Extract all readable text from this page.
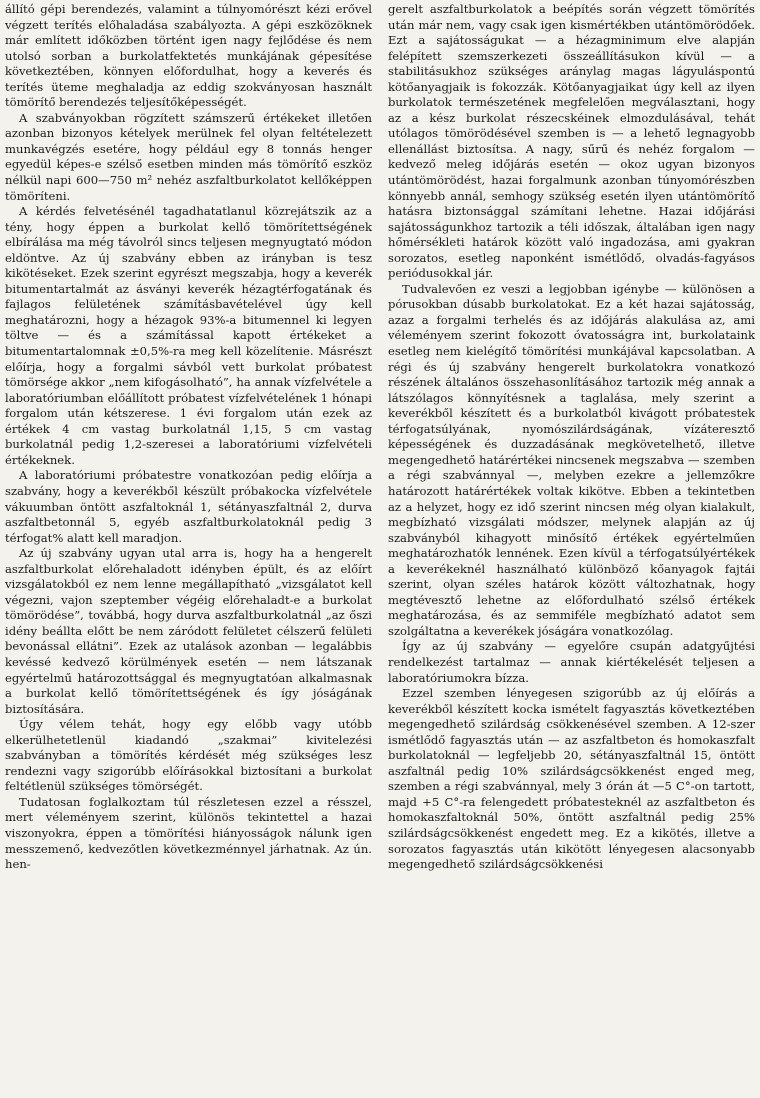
állító gépi berendezés, valamint a túlnyomórészt kézi erővel végzett terítés előhaladása szabályozta. A gépi eszközöknek már említett időközben történt igen nagy fejlődése és nem utolsó sorban a burkolatfektetés munkájának gépesítése következtében, könnyen előfordulhat, hogy a keverés és terítés üteme meghaladja az eddig szokványosan használt tömörítő berendezés teljesítőképességét.

A szabványokban rögzített számszerű értékeket illetően azonban bizonyos kételyek merülnek fel olyan feltételezett munkavégzés esetére, hogy például egy 8 tonnás henger egyedül képes-e szélső esetben minden más tömörítő eszköz nélkül napi 600—750 m² nehéz aszfaltburkolatot kellőképpen tömöríteni.

A kérdés felvetésénél tagadhatatlanul közrejátszik az a tény, hogy éppen a burkolat kellő tömörítettségének elbírálása ma még távolról sincs teljesen megnyugtató módon eldöntve. Az új szabvány ebben az irányban is tesz kikötéseket. Ezek szerint egyrészt megszabja, hogy a keverék bitumentartalmát az ásványi keverék hézagtérfogatának és fajlagos felületének számításbavételével úgy kell meghatározni, hogy a hézagok 93%-a bitumennel ki legyen töltve — és a számítással kapott értékeket a bitumentartalomnak ±0,5%-ra meg kell közelítenie. Másrészt előírja, hogy a forgalmi sávból vett burkolat próbatest tömörsége akkor „nem kifogásolható”, ha annak vízfelvétele a laboratóriumban előállított próbatest vízfelvételének 1 hónapi forgalom után kétszerese. 1 évi forgalom után ezek az értékek 4 cm vastag burkolatnál 1,15, 5 cm vastag burkolatnál pedig 1,2-szeresei a laboratóriumi vízfelvételi értékeknek.

A laboratóriumi próbatestre vonatkozóan pedig előírja a szabvány, hogy a keverékből készült próbakocka vízfelvétele vákuumban öntött aszfaltoknál 1, sétányaszfaltnál 2, durva aszfaltbetonnál 5, egyéb aszfaltburkolatoknál pedig 3 térfogat% alatt kell maradjon.

Az új szabvány ugyan utal arra is, hogy ha a hengerelt aszfaltburkolat előrehaladott idényben épült, és az előírt vizsgálatokból ez nem lenne megállapítható „vizsgálatot kell végezni, vajon szeptember végéig előrehaladt-e a burkolat tömörödése”, továbbá, hogy durva aszfaltburkolatnál „az őszi idény beállta előtt be nem záródott felületet célszerű felületi bevonással ellátni”. Ezek az utalások azonban — legalábbis kevéssé kedvező körülmények esetén — nem látszanak egyértelmű határozottsággal és megnyugtatóan alkalmasnak a burkolat kellő tömörítettségének és így jóságának biztosítására.

Úgy vélem tehát, hogy egy előbb vagy utóbb elkerülhetetlenül kiadandó „szakmai” kivitelezési szabványban a tömörítés kérdését még szükséges lesz rendezni vagy szigorúbb előírásokkal biztosítani a burkolat feltétlenül szükséges tömörségét.

Tudatosan foglalkoztam túl részletesen ezzel a résszel, mert véleményem szerint, különös tekintettel a hazai viszonyokra, éppen a tömörítési hiányosságok nálunk igen messzemenő, kedvezőtlen következménnyel járhatnak. Az ún. hen-

gerelt aszfaltburkolatok a beépítés során végzett tömörítés után már nem, vagy csak igen kismértékben utántömörödőek. Ezt a sajátosságukat — a hézagminimum elve alapján felépített szemszerkezeti összeállításukon kívül — a stabilitásukhoz szükséges aránylag magas lágyuláspontú kötőanyagjaik is fokozzák. Kötőanyagjaikat úgy kell az ilyen burkolatok természetének megfelelően megválasztani, hogy az a kész burkolat részecskéinek elmozdulásával, tehát utólagos tömörödésével szemben is — a lehető legnagyobb ellenállást biztosítsa. A nagy, sűrű és nehéz forgalom — kedvező meleg időjárás esetén — okoz ugyan bizonyos utántömörödést, hazai forgalmunk azonban túnyomórészben könnyebb annál, semhogy szükség esetén ilyen utántömörítő hatásra biztonsággal számítani lehetne. Hazai időjárási sajátosságunkhoz tartozik a téli időszak, általában igen nagy hőmérsékleti határok között való ingadozása, ami gyakran sorozatos, esetleg naponként ismétlődő, olvadás-fagyásos periódusokkal jár.

Tudvalevően ez veszi a legjobban igénybe — különösen a pórusokban dúsabb burkolatokat. Ez a két hazai sajátosság, azaz a forgalmi terhelés és az időjárás alakulása az, ami véleményem szerint fokozott óvatosságra int, burkolataink esetleg nem kielégítő tömörítési munkájával kapcsolatban. A régi és új szabvány hengerelt burkolatokra vonatkozó részének általános összehasonlításához tartozik még annak a látszólagos könnyítésnek a taglalása, mely szerint a keverékből készített és a burkolatból kivágott próbatestek térfogatsúlyának, nyomószilárdságának, vízáteresztő képességének és duzzadásának megkövetelhető, illetve megengedhető határértékei nincsenek megszabva — szemben a régi szabvánnyal —, melyben ezekre a jellemzőkre határozott határértékek voltak kikötve. Ebben a tekintetben az a helyzet, hogy ez idő szerint nincsen még olyan kialakult, megbízható vizsgálati módszer, melynek alapján az új szabványból kihagyott minősítő értékek egyértelműen meghatározhatók lennének. Ezen kívül a térfogatsúlyértékek a keverékeknél használható különböző kőanyagok fajtái szerint, olyan széles határok között változhatnak, hogy megtévesztő lehetne az előfordulható szélső értékek meghatározása, és az semmiféle megbízható adatot sem szolgáltatna a keverékek jóságára vonatkozólag.

Így az új szabvány — egyelőre csupán adatgyűjtési rendelkezést tartalmaz — annak kiértékelését teljesen a laboratóriumokra bízza.

Ezzel szemben lényegesen szigorúbb az új előírás a keverékből készített kocka ismételt fagyasztás következtében megengedhető szilárdság csökkenésével szemben. A 12-szer ismétlődő fagyasztás után — az aszfaltbeton és homokaszfalt burkolatoknál — legfeljebb 20, sétányaszfaltnál 15, öntött aszfaltnál pedig 10% szilárdságcsökkenést enged meg, szemben a régi szabvánnyal, mely 3 órán át —5 C°-on tartott, majd +5 C°-ra felengedett próbatesteknél az aszfaltbeton és homokaszfaltoknál 50%, öntött aszfaltnál pedig 25% szilárdságcsökkenést engedett meg. Ez a kikötés, illetve a sorozatos fagyasztás után kikötött lényegesen alacsonyabb megengedhető szilárdságcsökkenési
